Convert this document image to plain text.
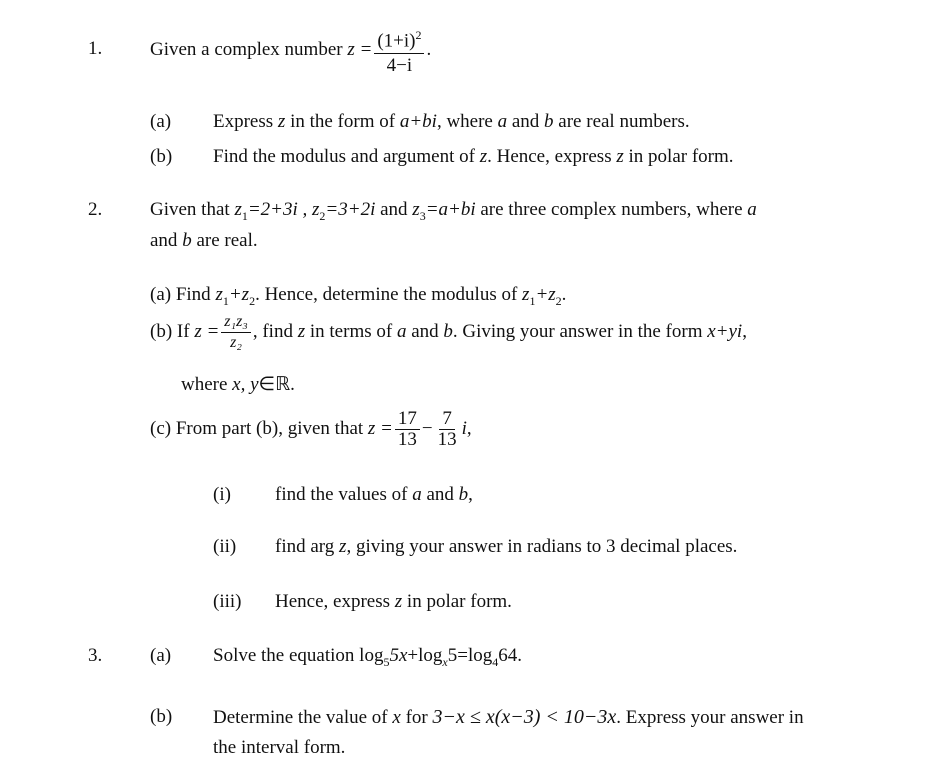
1.	Given a complex number $z = \frac{(1+i)^2}{4-i}$ .
(a) Express z in the form of a+bi, where a and b are real numbers.
(b) Find the modulus and argument of z. Hence, express z in polar form.
2.	Given that $z_1=2+3i$ , $z_2=3+2i$ and $z_3=a+bi$ are three complex numbers, where a
and b are real.
(a) Find $z_1+z_2$. Hence, determine the modulus of $z_1+z_2$.
(b) If $z = \frac{\text{z₁z₃}}{\text{z₂}}$ , find z in terms of a and b. Giving your answer in the form x+yi,
where x, y∈ℝ.
(c) From part (b), given that $z = \frac{17}{13} - \frac{7}{13} i$,
(i) find the values of a and b,
(ii) find arg z, giving your answer in radians to 3 decimal places.
(iii) Hence, express z in polar form.
3.	(a) Solve the equation $\log_55x+\log_x5=\log_464$.
(b) Determine the value of x for 3−x ≤ x(x−3) < 10−3x. Express your answer in
the interval form.
